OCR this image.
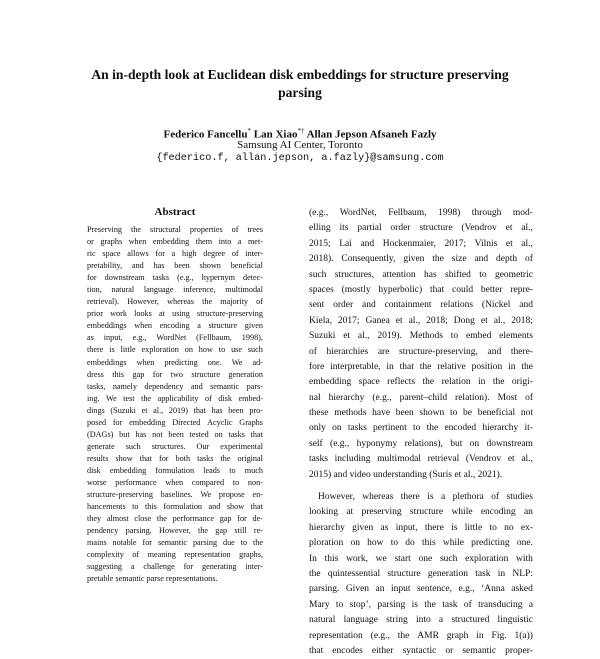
An in-depth look at Euclidean disk embeddings for structure preserving
parsing
Federico Fancellu* Lan Xiao*† Allan Jepson Afsaneh Fazly
Samsung AI Center, Toronto
{federico.f, allan.jepson, a.fazly}@samsung.com
Abstract
Preserving the structural properties of trees
or graphs when embedding them into a met-
ric space allows for a high degree of inter-
pretability, and has been shown beneficial
for downstream tasks (e.g., hypernym detec-
tion, natural language inference, multimodal
retrieval). However, whereas the majority of
prior work looks at using structure-preserving
embeddings when encoding a structure given
as input, e.g., WordNet (Fellbaum, 1998),
there is little exploration on how to use such
embeddings when predicting one. We ad-
dress this gap for two structure generation
tasks, namely dependency and semantic pars-
ing. We test the applicability of disk embed-
dings (Suzuki et al., 2019) that has been pro-
posed for embedding Directed Acyclic Graphs
(DAGs) but has not been tested on tasks that
generate such structures. Our experimental
results show that for both tasks the original
disk embedding formulation leads to much
worse performance when compared to non-
structure-preserving baselines. We propose en-
hancements to this formulation and show that
they almost close the performance gap for de-
pendency parsing. However, the gap still re-
mains notable for semantic parsing due to the
complexity of meaning representation graphs,
suggesting a challenge for generating inter-
pretable semantic parse representations.
(e.g., WordNet, Fellbaum, 1998) through mod-
elling its partial order structure (Vendrov et al.,
2015; Lai and Hockenmaier, 2017; Vilnis et al.,
2018). Consequently, given the size and depth of
such structures, attention has shifted to geometric
spaces (mostly hyperbolic) that could better repre-
sent order and containment relations (Nickel and
Kiela, 2017; Ganea et al., 2018; Dong et al., 2018;
Suzuki et al., 2019). Methods to embed elements
of hierarchies are structure-preserving, and there-
fore interpretable, in that the relative position in the
embedding space reflects the relation in the origi-
nal hierarchy (e.g., parent–child relation). Most of
these methods have been shown to be beneficial not
only on tasks pertinent to the encoded hierarchy it-
self (e.g., hyponymy relations), but on downstream
tasks including multimodal retrieval (Vendrov et al.,
2015) and video understanding (Surís et al., 2021).
However, whereas there is a plethora of studies
looking at preserving structure while encoding an
hierarchy given as input, there is little to no ex-
ploration on how to do this while predicting one.
In this work, we start one such exploration with
the quintessential structure generation task in NLP:
parsing. Given an input sentence, e.g., ‘Anna asked
Mary to stop’, parsing is the task of transducing a
natural language string into a structured linguistic
representation (e.g., the AMR graph in Fig. 1(a))
that encodes either syntactic or semantic proper-
